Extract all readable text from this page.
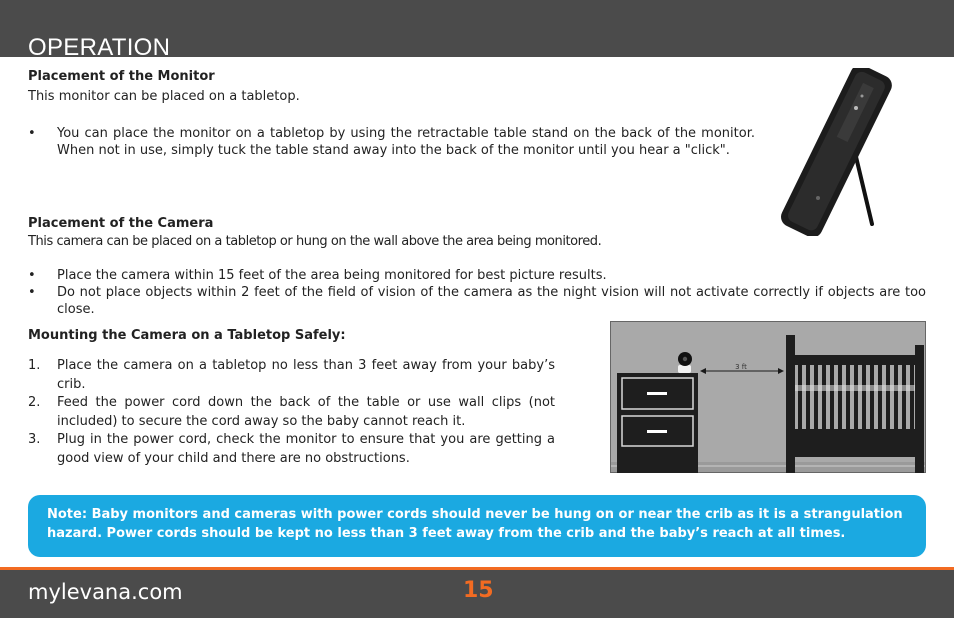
OPERATION
Placement of the Monitor
This monitor can be placed on a tabletop.
• You can place the monitor on a tabletop by using the retractable table stand on the back of the monitor. When not in use, simply tuck the table stand away into the back of the monitor until you hear a "click".
Placement of the Camera
This camera can be placed on a tabletop or hung on the wall above the area being monitored.
• Place the camera within 15 feet of the area being monitored for best picture results.
• Do not place objects within 2 feet of the field of vision of the camera as the night vision will not activate correctly if objects are too close.
Mounting the Camera on a Tabletop Safely:
1. Place the camera on a tabletop no less than 3 feet away from your baby’s crib.
2. Feed the power cord down the back of the table or use wall clips (not included) to secure the cord away so the baby cannot reach it.
3. Plug in the power cord, check the monitor to ensure that you are getting a good view of your child and there are no obstructions.
3 ft
Note: Baby monitors and cameras with power cords should never be hung on or near the crib as it is a strangulation hazard. Power cords should be kept no less than 3 feet away from the crib and the baby’s reach at all times.
mylevana.com	15
